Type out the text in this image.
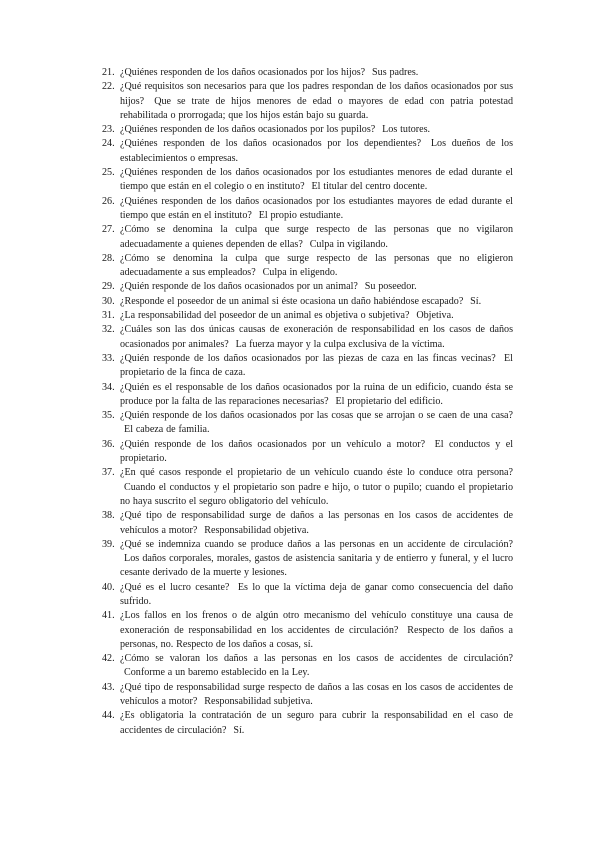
21. ¿Quiénes responden de los daños ocasionados por los hijos? Sus padres.
22. ¿Qué requisitos son necesarios para que los padres respondan de los daños ocasionados por sus hijos? Que se trate de hijos menores de edad o mayores de edad con patria potestad rehabilitada o prorrogada; que los hijos están bajo su guarda.
23. ¿Quiénes responden de los daños ocasionados por los pupilos? Los tutores.
24. ¿Quiénes responden de los daños ocasionados por los dependientes? Los dueños de los establecimientos o empresas.
25. ¿Quiénes responden de los daños ocasionados por los estudiantes menores de edad durante el tiempo que están en el colegio o en instituto? El titular del centro docente.
26. ¿Quiénes responden de los daños ocasionados por los estudiantes mayores de edad durante el tiempo que están en el instituto? El propio estudiante.
27. ¿Cómo se denomina la culpa que surge respecto de las personas que no vigilaron adecuadamente a quienes dependen de ellas? Culpa in vigilando.
28. ¿Cómo se denomina la culpa que surge respecto de las personas que no eligieron adecuadamente a sus empleados? Culpa in eligendo.
29. ¿Quién responde de los daños ocasionados por un animal? Su poseedor.
30. ¿Responde el poseedor de un animal si éste ocasiona un daño habiéndose escapado? Sí.
31. ¿La responsabilidad del poseedor de un animal es objetiva o subjetiva? Objetiva.
32. ¿Cuáles son las dos únicas causas de exoneración de responsabilidad en los casos de daños ocasionados por animales? La fuerza mayor y la culpa exclusiva de la víctima.
33. ¿Quién responde de los daños ocasionados por las piezas de caza en las fincas vecinas? El propietario de la finca de caza.
34. ¿Quién es el responsable de los daños ocasionados por la ruina de un edificio, cuando ésta se produce por la falta de las reparaciones necesarias? El propietario del edificio.
35. ¿Quién responde de los daños ocasionados por las cosas que se arrojan o se caen de una casa? El cabeza de familia.
36. ¿Quién responde de los daños ocasionados por un vehículo a motor? El conductos y el propietario.
37. ¿En qué casos responde el propietario de un vehículo cuando éste lo conduce otra persona? Cuando el conductos y el propietario son padre e hijo, o tutor o pupilo; cuando el propietario no haya suscrito el seguro obligatorio del vehículo.
38. ¿Qué tipo de responsabilidad surge de daños a las personas en los casos de accidentes de vehículos a motor? Responsabilidad objetiva.
39. ¿Qué se indemniza cuando se produce daños a las personas en un accidente de circulación? Los daños corporales, morales, gastos de asistencia sanitaria y de entierro y funeral, y el lucro cesante derivado de la muerte y lesiones.
40. ¿Qué es el lucro cesante? Es lo que la víctima deja de ganar como consecuencia del daño sufrido.
41. ¿Los fallos en los frenos o de algún otro mecanismo del vehículo constituye una causa de exoneración de responsabilidad en los accidentes de circulación? Respecto de los daños a personas, no. Respecto de los daños a cosas, sí.
42. ¿Cómo se valoran los daños a las personas en los casos de accidentes de circulación? Conforme a un baremo establecido en la Ley.
43. ¿Qué tipo de responsabilidad surge respecto de daños a las cosas en los casos de accidentes de vehículos a motor? Responsabilidad subjetiva.
44. ¿Es obligatoria la contratación de un seguro para cubrir la responsabilidad en el caso de accidentes de circulación? Sí.
